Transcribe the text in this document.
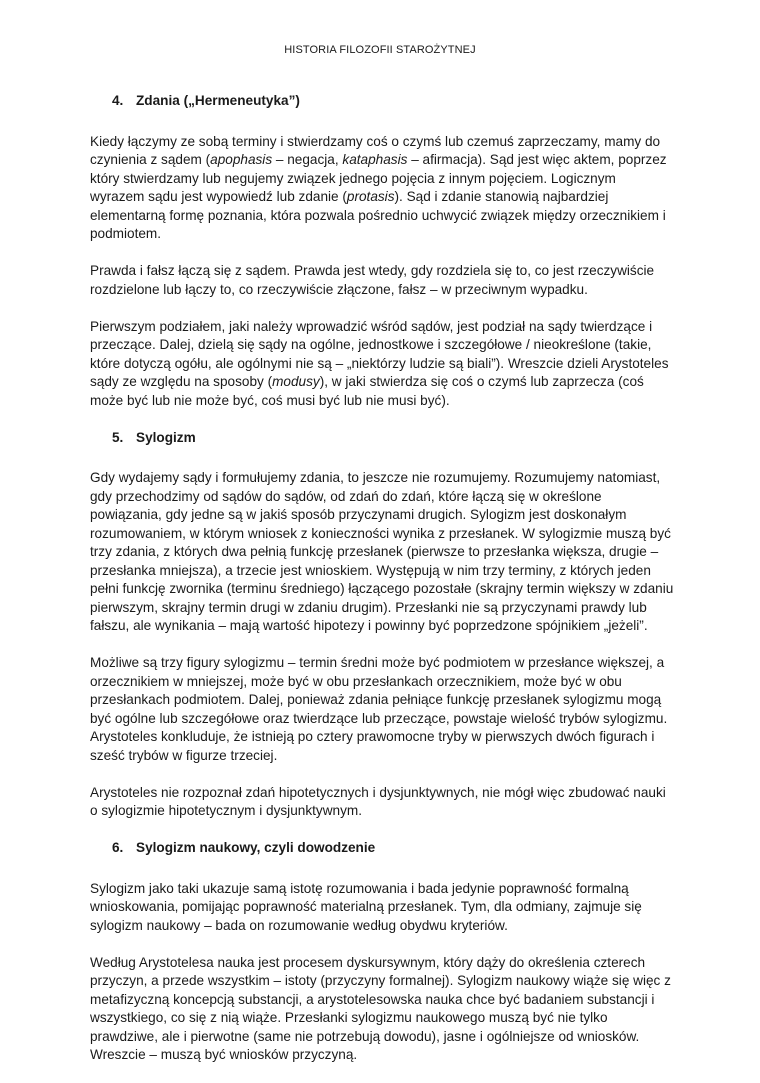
HISTORIA FILOZOFII STAROŻYTNEJ
4. Zdania („Hermeneutyka”)

Kiedy łączymy ze sobą terminy i stwierdzamy coś o czymś lub czemuś zaprzeczamy, mamy do czynienia z sądem (apophasis – negacja, kataphasis – afirmacja). Sąd jest więc aktem, poprzez który stwierdzamy lub negujemy związek jednego pojęcia z innym pojęciem. Logicznym wyrazem sądu jest wypowiedź lub zdanie (protasis). Sąd i zdanie stanowią najbardziej elementarną formę poznania, która pozwala pośrednio uchwycić związek między orzecznikiem i podmiotem.

Prawda i fałsz łączą się z sądem. Prawda jest wtedy, gdy rozdziela się to, co jest rzeczywiście rozdzielone lub łączy to, co rzeczywiście złączone, fałsz – w przeciwnym wypadku.

Pierwszym podziałem, jaki należy wprowadzić wśród sądów, jest podział na sądy twierdzące i przeczące. Dalej, dzielą się sądy na ogólne, jednostkowe i szczegółowe / nieokreślone (takie, które dotyczą ogółu, ale ogólnymi nie są – „niektórzy ludzie są biali”). Wreszcie dzieli Arystoteles sądy ze względu na sposoby (modusy), w jaki stwierdza się coś o czymś lub zaprzecza (coś może być lub nie może być, coś musi być lub nie musi być).

5. Sylogizm

Gdy wydajemy sądy i formułujemy zdania, to jeszcze nie rozumujemy. Rozumujemy natomiast, gdy przechodzimy od sądów do sądów, od zdań do zdań, które łączą się w określone powiązania, gdy jedne są w jakiś sposób przyczynami drugich. Sylogizm jest doskonałym rozumowaniem, w którym wniosek z konieczności wynika z przesłanek. W sylogizmie muszą być trzy zdania, z których dwa pełnią funkcję przesłanek (pierwsze to przesłanka większa, drugie – przesłanka mniejsza), a trzecie jest wnioskiem. Występują w nim trzy terminy, z których jeden pełni funkcję zwornika (terminu średniego) łączącego pozostałe (skrajny termin większy w zdaniu pierwszym, skrajny termin drugi w zdaniu drugim). Przesłanki nie są przyczynami prawdy lub fałszu, ale wynikania – mają wartość hipotezy i powinny być poprzedzone spójnikiem „jeżeli”.

Możliwe są trzy figury sylogizmu – termin średni może być podmiotem w przesłance większej, a orzecznikiem w mniejszej, może być w obu przesłankach orzecznikiem, może być w obu przesłankach podmiotem. Dalej, ponieważ zdania pełniące funkcję przesłanek sylogizmu mogą być ogólne lub szczegółowe oraz twierdzące lub przeczące, powstaje wielość trybów sylogizmu. Arystoteles konkluduje, że istnieją po cztery prawomocne tryby w pierwszych dwóch figurach i sześć trybów w figurze trzeciej.

Arystoteles nie rozpoznał zdań hipotetycznych i dysjunktywnych, nie mógł więc zbudować nauki o sylogizmie hipotetycznym i dysjunktywnym.

6. Sylogizm naukowy, czyli dowodzenie

Sylogizm jako taki ukazuje samą istotę rozumowania i bada jedynie poprawność formalną wnioskowania, pomijając poprawność materialną przesłanek. Tym, dla odmiany, zajmuje się sylogizm naukowy – bada on rozumowanie według obydwu kryteriów.

Według Arystotelesa nauka jest procesem dyskursywnym, który dąży do określenia czterech przyczyn, a przede wszystkim – istoty (przyczyny formalnej). Sylogizm naukowy wiąże się więc z metafizyczną koncepcją substancji, a arystotelesowska nauka chce być badaniem substancji i wszystkiego, co się z nią wiąże. Przesłanki sylogizmu naukowego muszą być nie tylko prawdziwe, ale i pierwotne (same nie potrzebują dowodu), jasne i ogólniejsze od wniosków. Wreszcie – muszą być wniosków przyczyną.
